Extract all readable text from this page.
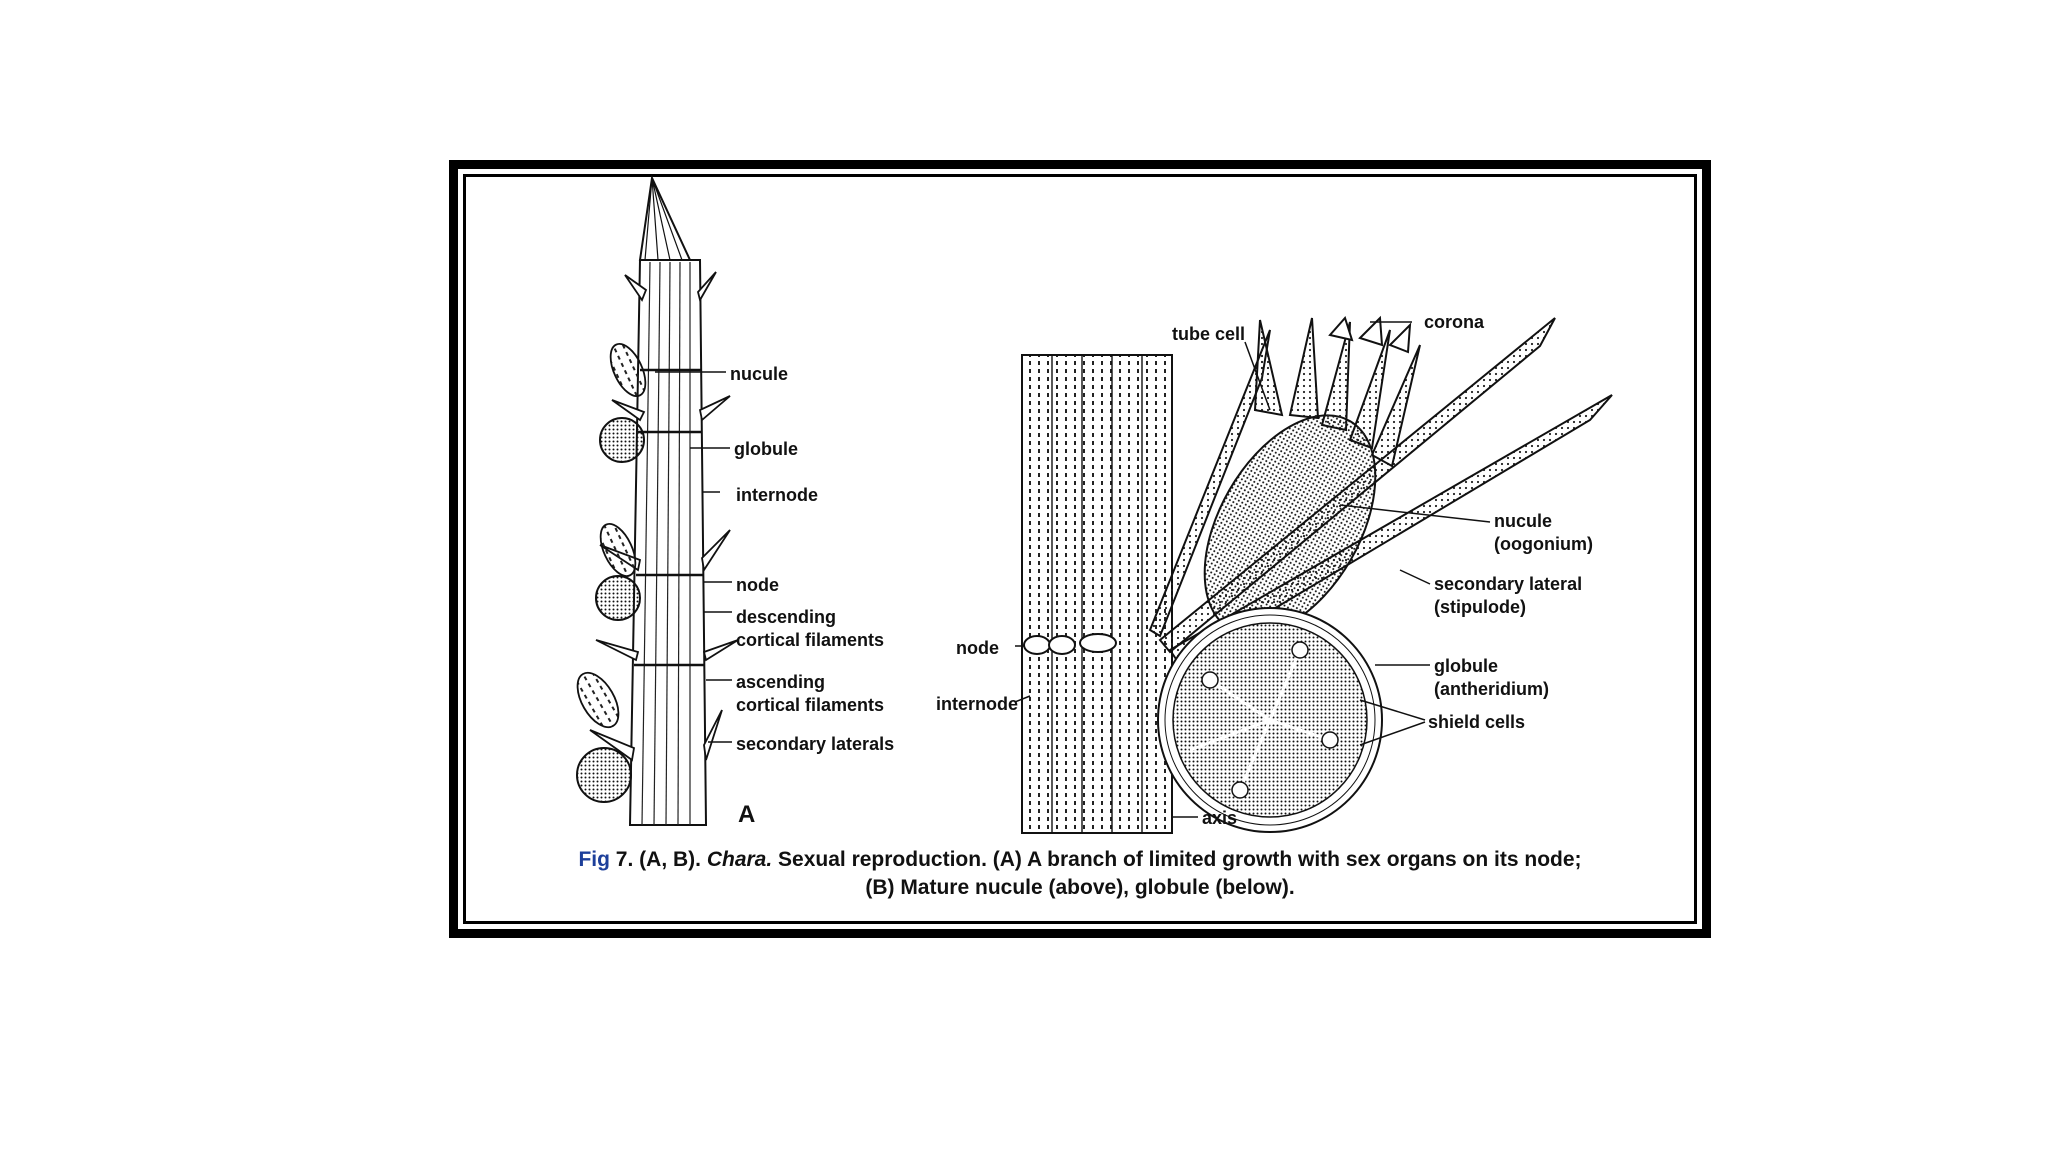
nucule
globule
internode
node
descending
cortical filaments
ascending
cortical filaments
secondary laterals
A
tube cell
corona
nucule
(oogonium)
secondary lateral
(stipulode)
node
internode
globule
(antheridium)
shield cells
axis
Fig 7. (A, B). Chara. Sexual reproduction. (A) A branch of limited growth with sex organs on its node;
(B) Mature nucule (above), globule (below).
